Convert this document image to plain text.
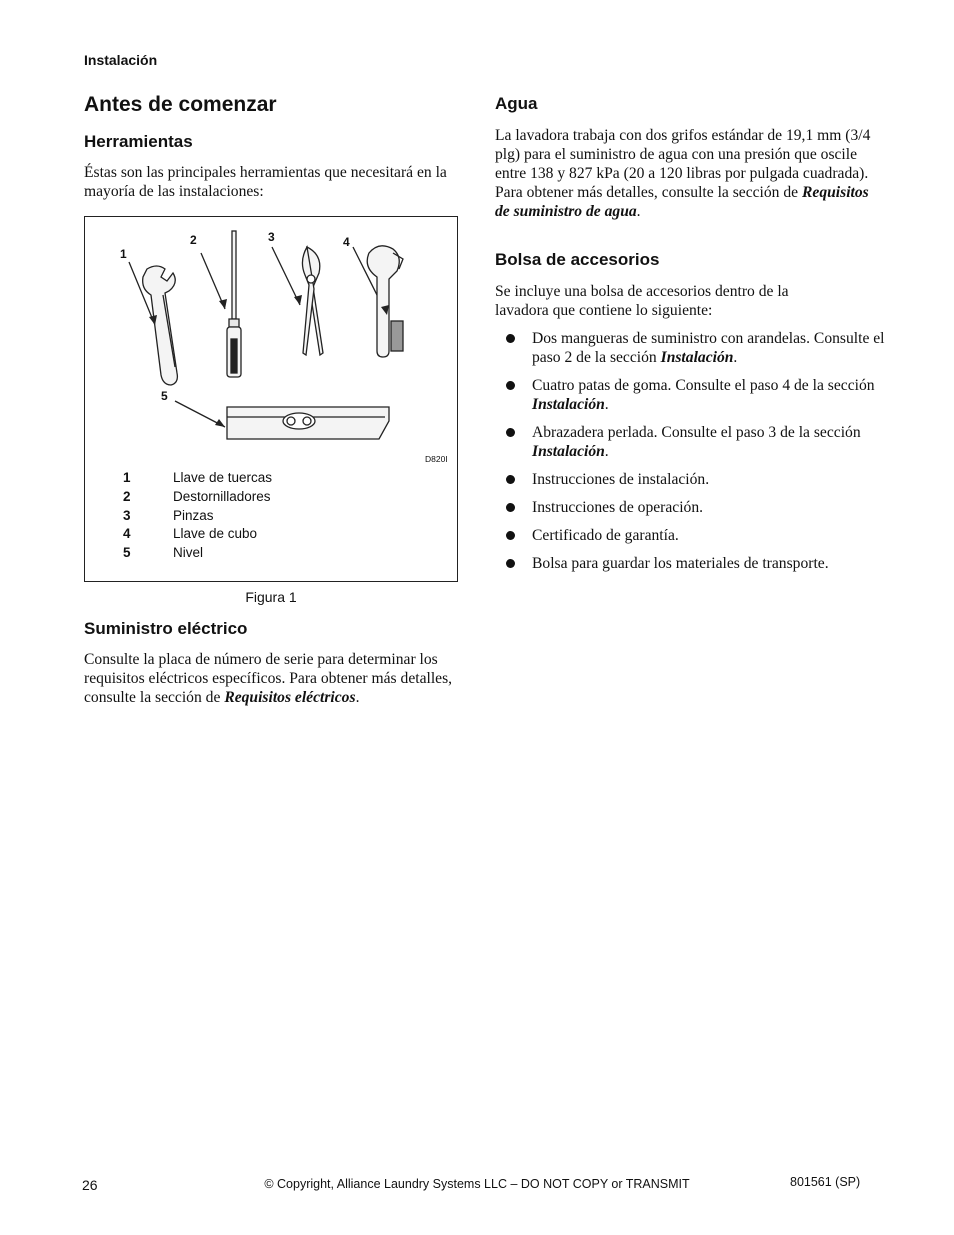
Instalación
Antes de comenzar
Herramientas
Éstas son las principales herramientas que necesitará en la mayoría de las instalaciones:
1
2	3	4
5
D820I
1	Llave de tuercas
2	Destornilladores
3	Pinzas
4	Llave de cubo
5	Nivel
Figura 1
Suministro eléctrico
Consulte la placa de número de serie para determinar los requisitos eléctricos específicos. Para obtener más detalles, consulte la sección de Requisitos eléctricos.
Agua
La lavadora trabaja con dos grifos estándar de 19,1 mm (3/4 plg) para el suministro de agua con una presión que oscile entre 138 y 827 kPa (20 a 120 libras por pulgada cuadrada). Para obtener más detalles, consulte la sección de Requisitos de suministro de agua.
Bolsa de accesorios
Se incluye una bolsa de accesorios dentro de la lavadora que contiene lo siguiente:
Dos mangueras de suministro con arandelas. Consulte el paso 2 de la sección Instalación.
Cuatro patas de goma. Consulte el paso 4 de la sección Instalación.
Abrazadera perlada. Consulte el paso 3 de la sección Instalación.
Instrucciones de instalación.
Instrucciones de operación.
Certificado de garantía.
Bolsa para guardar los materiales de transporte.
26	© Copyright, Alliance Laundry Systems LLC – DO NOT COPY or TRANSMIT	801561 (SP)
